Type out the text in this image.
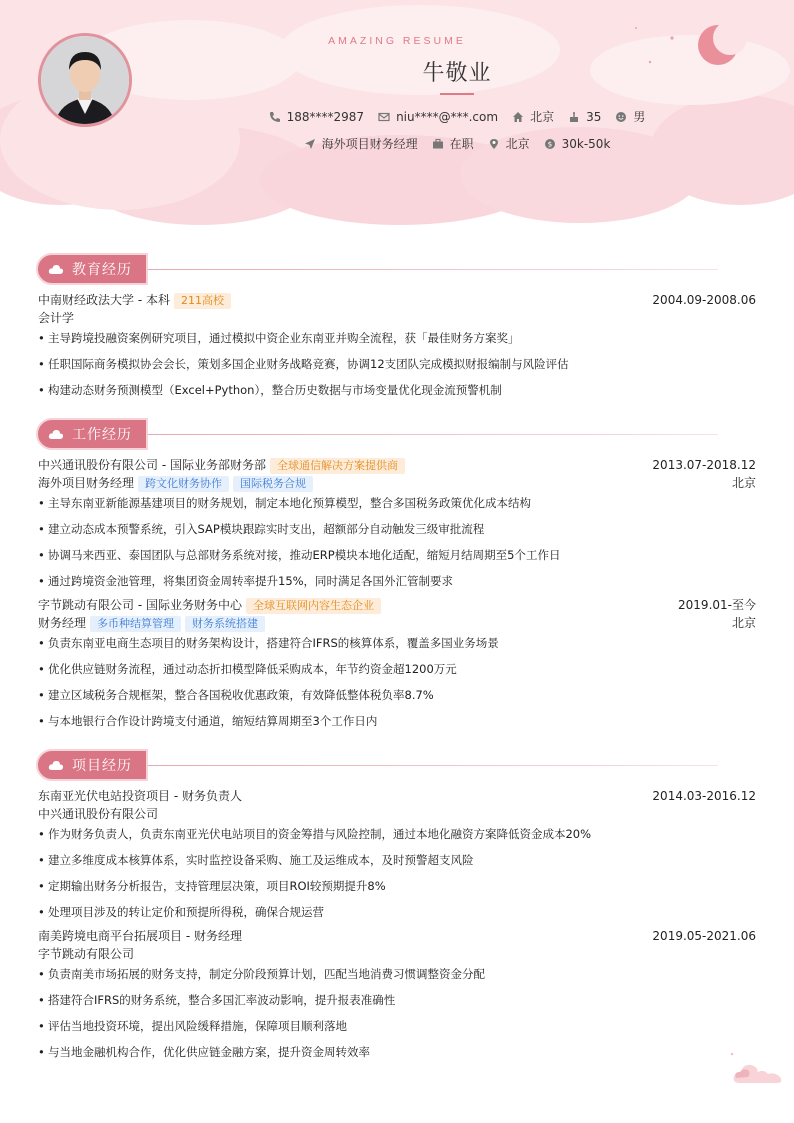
AMAZING RESUME
牛敬业
188****2987	niu****@***.com	北京	35	男
海外项目财务经理	在职	北京	$ 30k-50k
教育经历
中南财经政法大学 - 本科 211高校	2004.09-2008.06
会计学
• 主导跨境投融资案例研究项目，通过模拟中资企业东南亚并购全流程，获「最佳财务方案奖」
• 任职国际商务模拟协会会长，策划多国企业财务战略竞赛，协调12支团队完成模拟财报编制与风险评估
• 构建动态财务预测模型（Excel+Python），整合历史数据与市场变量优化现金流预警机制
工作经历
中兴通讯股份有限公司 - 国际业务部财务部 全球通信解决方案提供商	2013.07-2018.12
海外项目财务经理 跨文化财务协作 国际税务合规	北京
• 主导东南亚新能源基建项目的财务规划，制定本地化预算模型，整合多国税务政策优化成本结构
• 建立动态成本预警系统，引入SAP模块跟踪实时支出，超额部分自动触发三级审批流程
• 协调马来西亚、泰国团队与总部财务系统对接，推动ERP模块本地化适配，缩短月结周期至5个工作日
• 通过跨境资金池管理，将集团资金周转率提升15%，同时满足各国外汇管制要求
字节跳动有限公司 - 国际业务财务中心 全球互联网内容生态企业	2019.01-至今
财务经理 多币种结算管理 财务系统搭建	北京
• 负责东南亚电商生态项目的财务架构设计，搭建符合IFRS的核算体系，覆盖多国业务场景
• 优化供应链财务流程，通过动态折扣模型降低采购成本，年节约资金超1200万元
• 建立区域税务合规框架，整合各国税收优惠政策，有效降低整体税负率8.7%
• 与本地银行合作设计跨境支付通道，缩短结算周期至3个工作日内
项目经历
东南亚光伏电站投资项目 - 财务负责人	2014.03-2016.12
中兴通讯股份有限公司
• 作为财务负责人，负责东南亚光伏电站项目的资金筹措与风险控制，通过本地化融资方案降低资金成本20%
• 建立多维度成本核算体系，实时监控设备采购、施工及运维成本，及时预警超支风险
• 定期输出财务分析报告，支持管理层决策，项目ROI较预期提升8%
• 处理项目涉及的转让定价和预提所得税，确保合规运营
南美跨境电商平台拓展项目 - 财务经理	2019.05-2021.06
字节跳动有限公司
• 负责南美市场拓展的财务支持，制定分阶段预算计划，匹配当地消费习惯调整资金分配
• 搭建符合IFRS的财务系统，整合多国汇率波动影响，提升报表准确性
• 评估当地投资环境，提出风险缓释措施，保障项目顺利落地
• 与当地金融机构合作，优化供应链金融方案，提升资金周转效率
